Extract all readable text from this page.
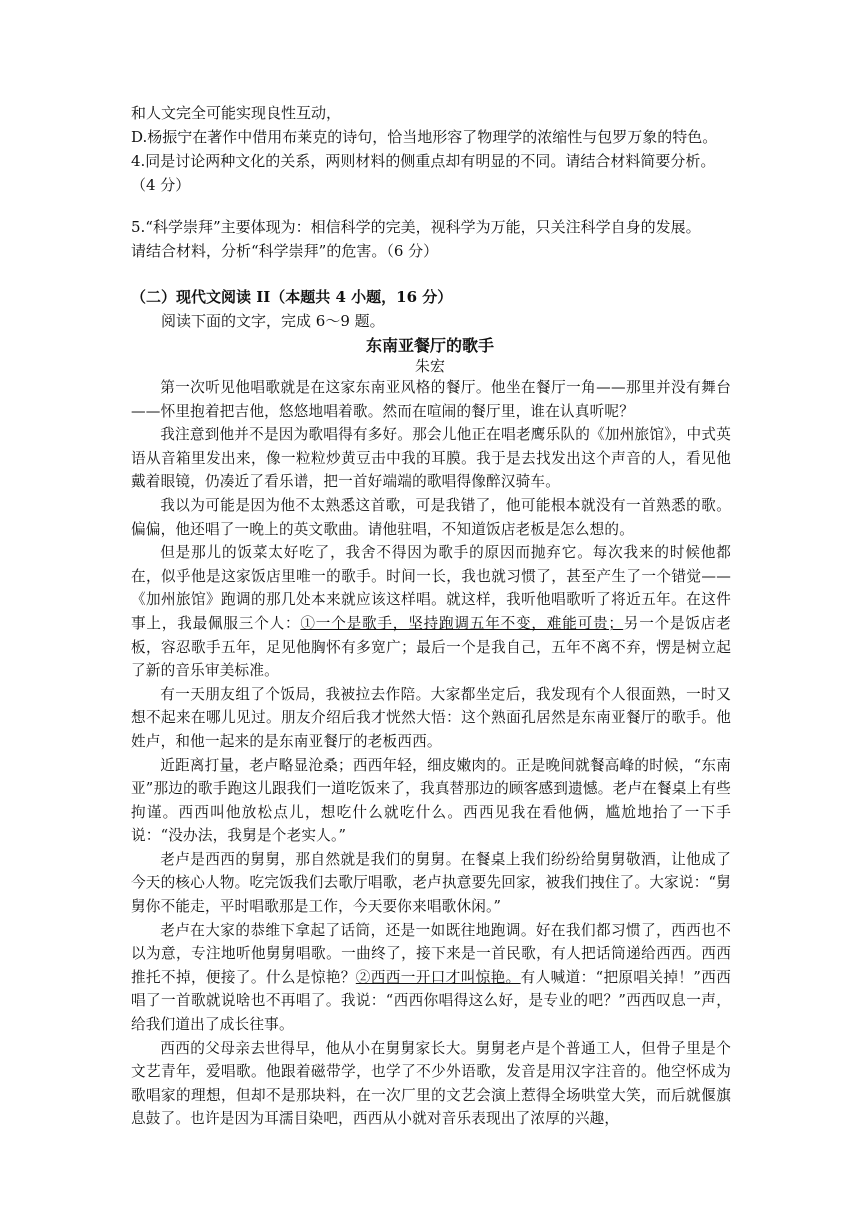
和人文完全可能实现良性互动，
D.杨振宁在著作中借用布莱克的诗句，恰当地形容了物理学的浓缩性与包罗万象的特色。
4.同是讨论两种文化的关系，两则材料的侧重点却有明显的不同。请结合材料简要分析。
（4 分）
5.“科学崇拜”主要体现为：相信科学的完美，视科学为万能，只关注科学自身的发展。
请结合材料，分析“科学崇拜”的危害。（6 分）
（二）现代文阅读 II（本题共 4 小题，16 分）
阅读下面的文字，完成 6～9 题。
东南亚餐厅的歌手
朱宏

第一次听见他唱歌就是在这家东南亚风格的餐厅。他坐在餐厅一角——那里并没有舞台——怀里抱着把吉他，悠悠地唱着歌。然而在喧闹的餐厅里，谁在认真听呢？

我注意到他并不是因为歌唱得有多好。那会儿他正在唱老鹰乐队的《加州旅馆》，中式英语从音箱里发出来，像一粒粒炒黄豆击中我的耳膜。我于是去找发出这个声音的人，看见他戴着眼镜，仍凑近了看乐谱，把一首好端端的歌唱得像醉汉骑车。

我以为可能是因为他不太熟悉这首歌，可是我错了，他可能根本就没有一首熟悉的歌。偏偏，他还唱了一晚上的英文歌曲。请他驻唱，不知道饭店老板是怎么想的。

但是那儿的饭菜太好吃了，我舍不得因为歌手的原因而抛弃它。每次我来的时候他都在，似乎他是这家饭店里唯一的歌手。时间一长，我也就习惯了，甚至产生了一个错觉——《加州旅馆》跑调的那几处本来就应该这样唱。就这样，我听他唱歌听了将近五年。在这件事上，我最佩服三个人：①一个是歌手，坚持跑调五年不变，难能可贵；另一个是饭店老板，容忍歌手五年，足见他胸怀有多宽广；最后一个是我自己，五年不离不弃，愣是树立起了新的音乐审美标准。

有一天朋友组了个饭局，我被拉去作陪。大家都坐定后，我发现有个人很面熟，一时又想不起来在哪儿见过。朋友介绍后我才恍然大悟：这个熟面孔居然是东南亚餐厅的歌手。他姓卢，和他一起来的是东南亚餐厅的老板西西。

近距离打量，老卢略显沧桑；西西年轻，细皮嫩肉的。正是晚间就餐高峰的时候，“东南亚”那边的歌手跑这儿跟我们一道吃饭来了，我真替那边的顾客感到遗憾。老卢在餐桌上有些拘谨。西西叫他放松点儿，想吃什么就吃什么。西西见我在看他俩，尴尬地抬了一下手说：“没办法，我舅是个老实人。”

老卢是西西的舅舅，那自然就是我们的舅舅。在餐桌上我们纷纷给舅舅敬酒，让他成了今天的核心人物。吃完饭我们去歌厅唱歌，老卢执意要先回家，被我们拽住了。大家说：“舅舅你不能走，平时唱歌那是工作，今天要你来唱歌休闲。”

老卢在大家的恭维下拿起了话筒，还是一如既往地跑调。好在我们都习惯了，西西也不以为意，专注地听他舅舅唱歌。一曲终了，接下来是一首民歌，有人把话筒递给西西。西西推托不掉，便接了。什么是惊艳？②西西一开口才叫惊艳。有人喊道：“把原唱关掉！”西西唱了一首歌就说啥也不再唱了。我说：“西西你唱得这么好，是专业的吧？”西西叹息一声，给我们道出了成长往事。

西西的父母亲去世得早，他从小在舅舅家长大。舅舅老卢是个普通工人，但骨子里是个文艺青年，爱唱歌。他跟着磁带学，也学了不少外语歌，发音是用汉字注音的。他空怀成为歌唱家的理想，但却不是那块料，在一次厂里的文艺会演上惹得全场哄堂大笑，而后就偃旗息鼓了。也许是因为耳濡目染吧，西西从小就对音乐表现出了浓厚的兴趣，
